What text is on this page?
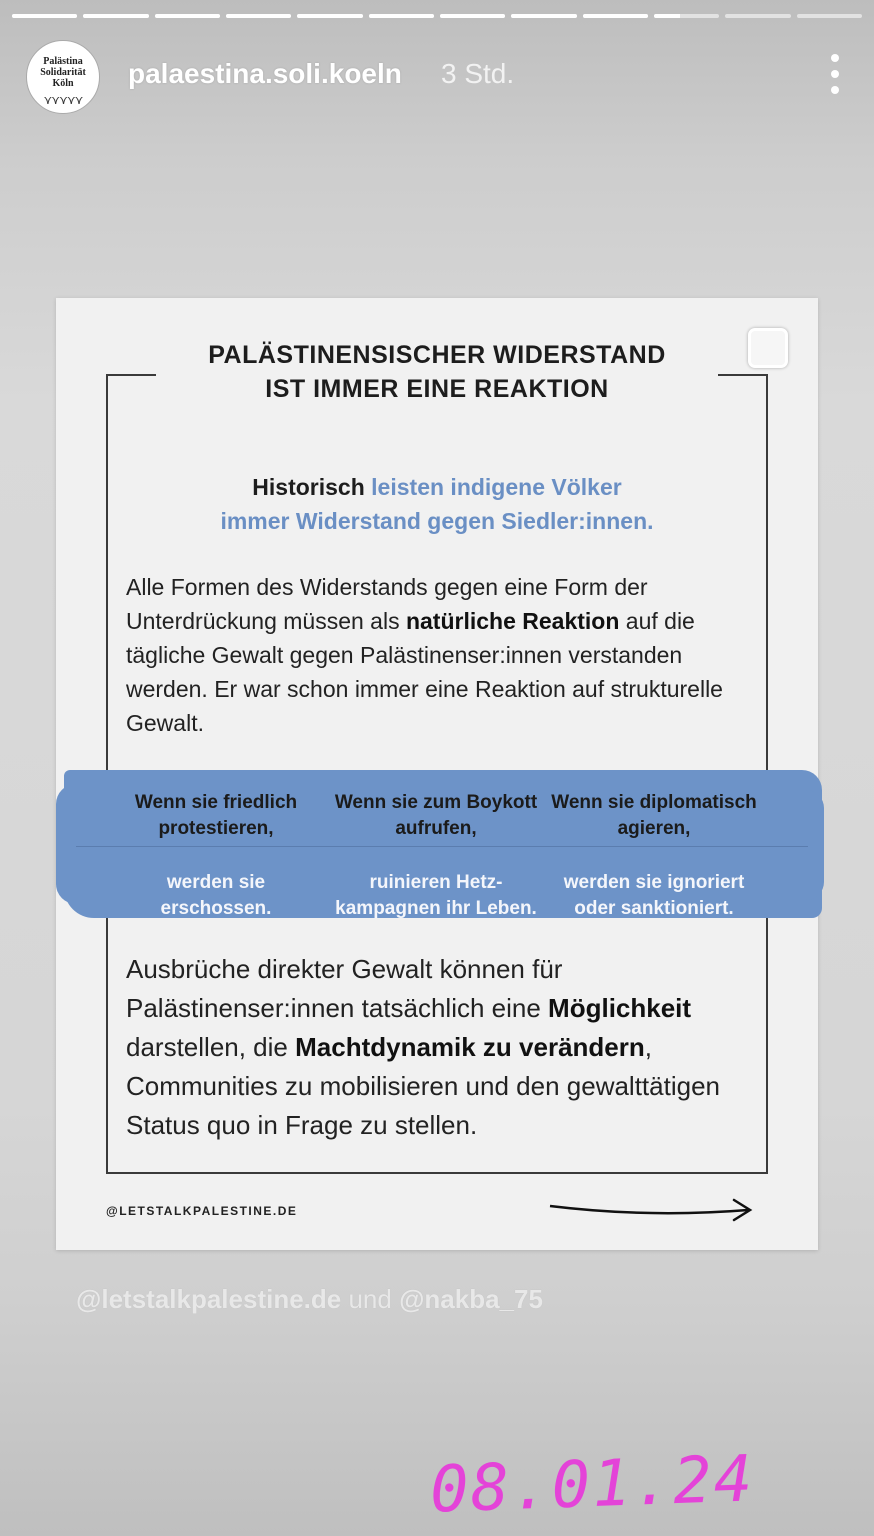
Palästina
Solidarität
Köln
⋎⋎⋎⋎⋎
palaestina.soli.koeln 3 Std.
PALÄSTINENSISCHER WIDERSTAND
IST IMMER EINE REAKTION
Historisch leisten indigene Völker
immer Widerstand gegen Siedler:innen.
Alle Formen des Widerstands gegen eine Form der Unterdrückung müssen als natürliche Reaktion auf die tägliche Gewalt gegen Palästinenser:innen verstanden werden. Er war schon immer eine Reaktion auf strukturelle Gewalt.
Wenn sie friedlich protestieren,
werden sie erschossen.
Wenn sie zum Boykott aufrufen,
ruinieren Hetz-kampagnen ihr Leben.
Wenn sie diplomatisch agieren,
werden sie ignoriert oder sanktioniert.
Ausbrüche direkter Gewalt können für Palästinenser:innen tatsächlich eine Möglichkeit darstellen, die Machtdynamik zu verändern, Communities zu mobilisieren und den gewalttätigen Status quo in Frage zu stellen.
@LETSTALKPALESTINE.DE
@letstalkpalestine.de und @nakba_75
08.01.24
